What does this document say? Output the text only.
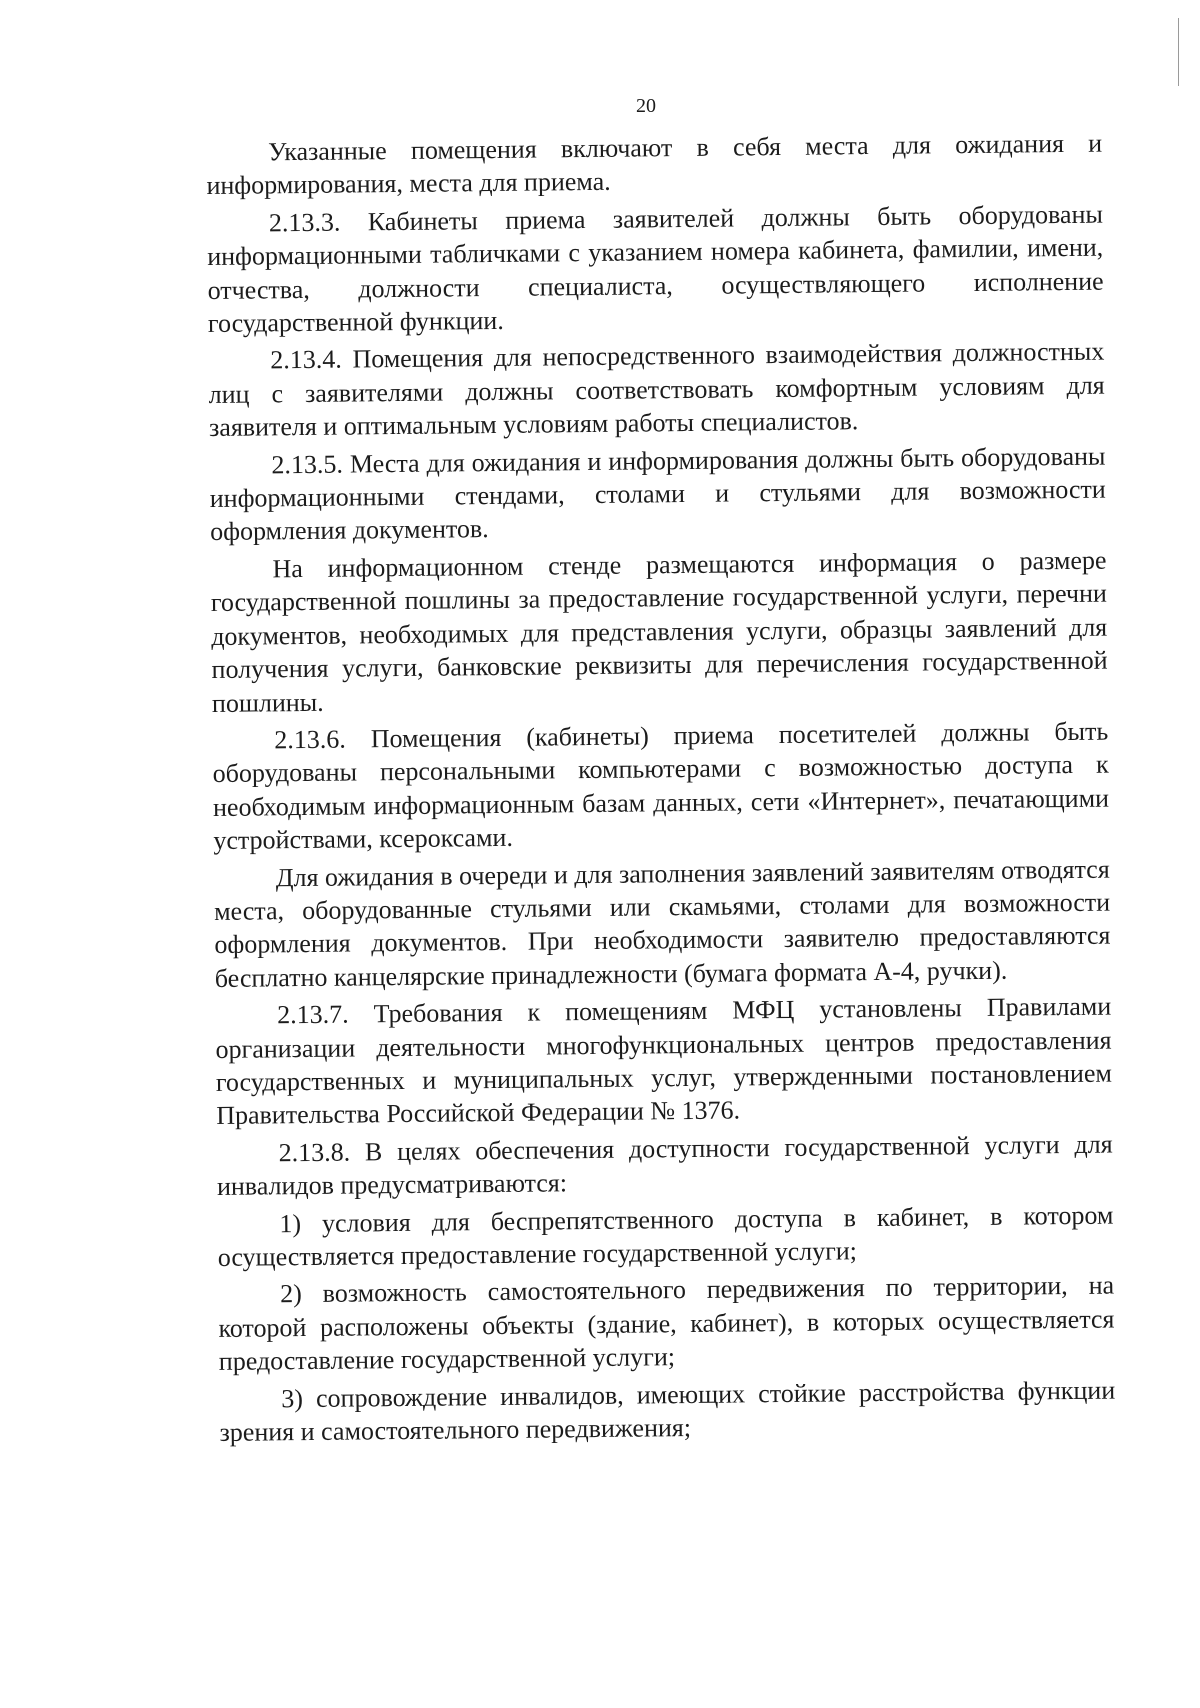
20

Указанные помещения включают в себя места для ожидания и информирования, места для приема.

2.13.3. Кабинеты приема заявителей должны быть оборудованы информационными табличками с указанием номера кабинета, фамилии, имени, отчества, должности специалиста, осуществляющего исполнение государственной функции.

2.13.4. Помещения для непосредственного взаимодействия должностных лиц с заявителями должны соответствовать комфортным условиям для заявителя и оптимальным условиям работы специалистов.

2.13.5. Места для ожидания и информирования должны быть оборудованы информационными стендами, столами и стульями для возможности оформления документов.

На информационном стенде размещаются информация о размере государственной пошлины за предоставление государственной услуги, перечни документов, необходимых для представления услуги, образцы заявлений для получения услуги, банковские реквизиты для перечисления государственной пошлины.

2.13.6. Помещения (кабинеты) приема посетителей должны быть оборудованы персональными компьютерами с возможностью доступа к необходимым информационным базам данных, сети «Интернет», печатающими устройствами, ксероксами.

Для ожидания в очереди и для заполнения заявлений заявителям отводятся места, оборудованные стульями или скамьями, столами для возможности оформления документов. При необходимости заявителю предоставляются бесплатно канцелярские принадлежности (бумага формата А-4, ручки).

2.13.7. Требования к помещениям МФЦ установлены Правилами организации деятельности многофункциональных центров предоставления государственных и муниципальных услуг, утвержденными постановлением Правительства Российской Федерации № 1376.

2.13.8. В целях обеспечения доступности государственной услуги для инвалидов предусматриваются:

1) условия для беспрепятственного доступа в кабинет, в котором осуществляется предоставление государственной услуги;

2) возможность самостоятельного передвижения по территории, на которой расположены объекты (здание, кабинет), в которых осуществляется предоставление государственной услуги;

3) сопровождение инвалидов, имеющих стойкие расстройства функции зрения и самостоятельного передвижения;
